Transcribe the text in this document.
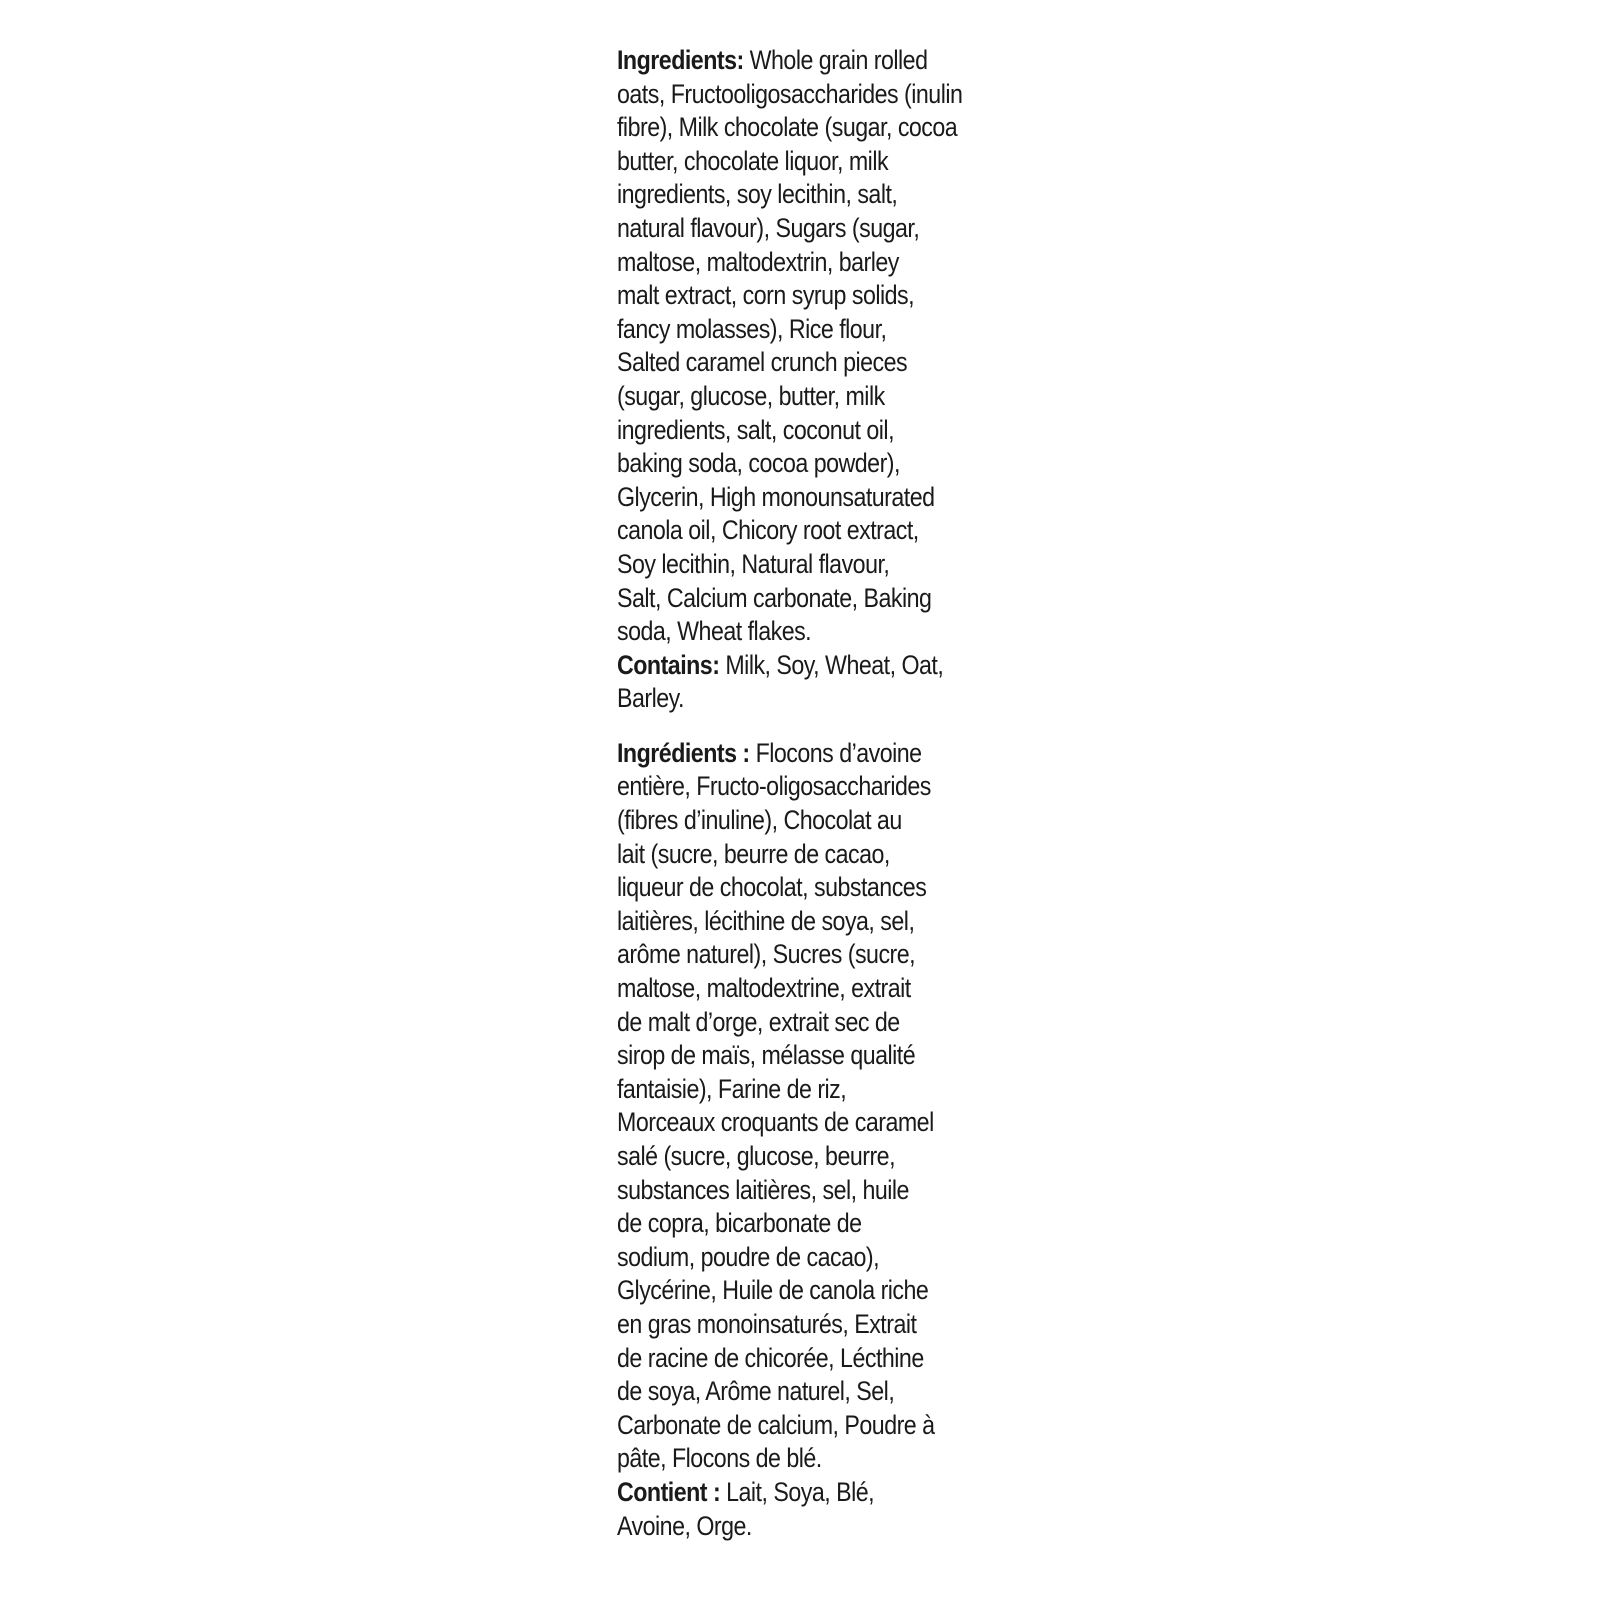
Ingredients: Whole grain rolled
oats, Fructooligosaccharides (inulin
fibre), Milk chocolate (sugar, cocoa
butter, chocolate liquor, milk
ingredients, soy lecithin, salt,
natural flavour), Sugars (sugar,
maltose, maltodextrin, barley
malt extract, corn syrup solids,
fancy molasses), Rice flour,
Salted caramel crunch pieces
(sugar, glucose, butter, milk
ingredients, salt, coconut oil,
baking soda, cocoa powder),
Glycerin, High monounsaturated
canola oil, Chicory root extract,
Soy lecithin, Natural flavour,
Salt, Calcium carbonate, Baking
soda, Wheat flakes.
Contains: Milk, Soy, Wheat, Oat,
Barley.
Ingrédients : Flocons d’avoine
entière, Fructo-oligosaccharides
(fibres d’inuline), Chocolat au
lait (sucre, beurre de cacao,
liqueur de chocolat, substances
laitières, lécithine de soya, sel,
arôme naturel), Sucres (sucre,
maltose, maltodextrine, extrait
de malt d’orge, extrait sec de
sirop de maïs, mélasse qualité
fantaisie), Farine de riz,
Morceaux croquants de caramel
salé (sucre, glucose, beurre,
substances laitières, sel, huile
de copra, bicarbonate de
sodium, poudre de cacao),
Glycérine, Huile de canola riche
en gras monoinsaturés, Extrait
de racine de chicorée, Lécthine
de soya, Arôme naturel, Sel,
Carbonate de calcium, Poudre à
pâte, Flocons de blé.
Contient : Lait, Soya, Blé,
Avoine, Orge.
